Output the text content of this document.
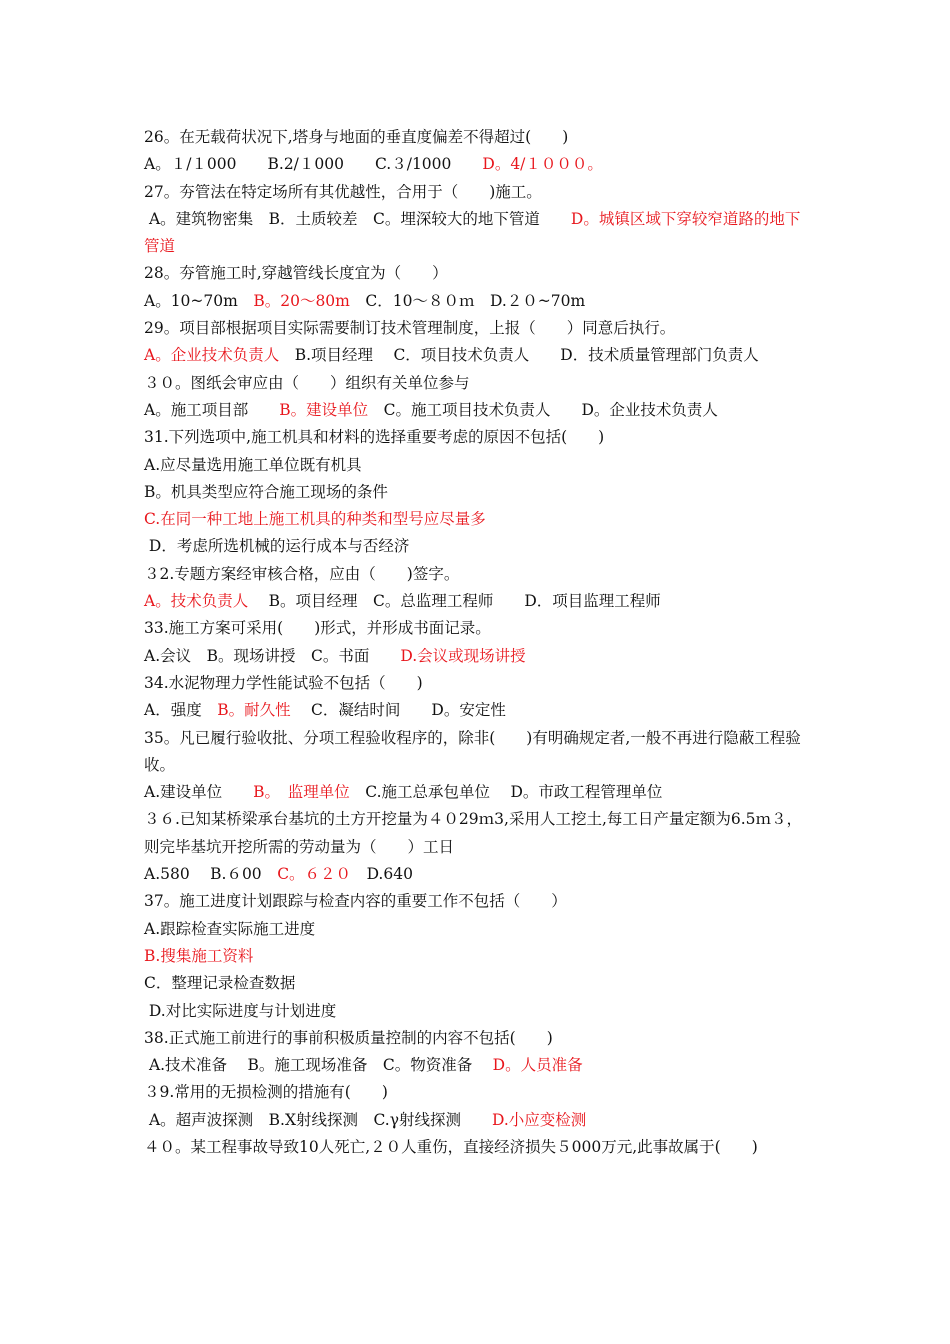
26。在无载荷状况下,塔身与地面的垂直度偏差不得超过(　　)
A。１/１000　　B.2/１000　　C.３/1000　　D。4/１０００。
27。夯管法在特定场所有其优越性，合用于（　　)施工。
A。建筑物密集　B．土质较差　C。埋深较大的地下管道　　D。城镇区域下穿较窄道路的地下管道
28。夯管施工时,穿越管线长度宜为（　　）
A。10~70m　B。20～80m　C．10～８０ｍ　D.２０~70m
29。项目部根据项目实际需要制订技术管理制度，上报（　　）同意后执行。
A。企业技术负责人　B.项目经理　 C．项目技术负责人　　D．技术质量管理部门负责人
３０。图纸会审应由（　　）组织有关单位参与
A。施工项目部　　B。建设单位　C。施工项目技术负责人　　D。企业技术负责人
31.下列选项中,施工机具和材料的选择重要考虑的原因不包括(　　)
A.应尽量选用施工单位既有机具
B。机具类型应符合施工现场的条件
C.在同一种工地上施工机具的种类和型号应尽量多
D．考虑所选机械的运行成本与否经济
３2.专题方案经审核合格，应由（　　)签字。
A。技术负责人　 B。项目经理　C。总监理工程师　　D．项目监理工程师
33.施工方案可采用(　　)形式，并形成书面记录。
A.会议　B。现场讲授　C。书面　　D.会议或现场讲授
34.水泥物理力学性能试验不包括（　　)
A．强度　B。耐久性　 C．凝结时间　　D。安定性
35。凡已履行验收批、分项工程验收程序的，除非(　　)有明确规定者,一般不再进行隐蔽工程验收。
A.建设单位　　B。　监理单位　C.施工总承包单位　 D。市政工程管理单位
３６.已知某桥梁承台基坑的土方开挖量为４０29ｍ3,采用人工挖土,每工日产量定额为6.5ｍ３，则完毕基坑开挖所需的劳动量为（　　）工日
A.580　 B.６00　C。６２０　D.640
37。施工进度计划跟踪与检查内容的重要工作不包括（　　）
A.跟踪检查实际施工进度
B.搜集施工资料
C．整理记录检查数据
D.对比实际进度与计划进度
38.正式施工前进行的事前积极质量控制的内容不包括(　　)
A.技术准备　 B。施工现场准备　C。物资准备　 D。人员准备
３9.常用的无损检测的措施有(　　)
A。超声波探测　B.X射线探测　C.γ射线探测　　D.小应变检测
４０。某工程事故导致10人死亡,２０人重伤，直接经济损失５000万元,此事故属于(　　)
